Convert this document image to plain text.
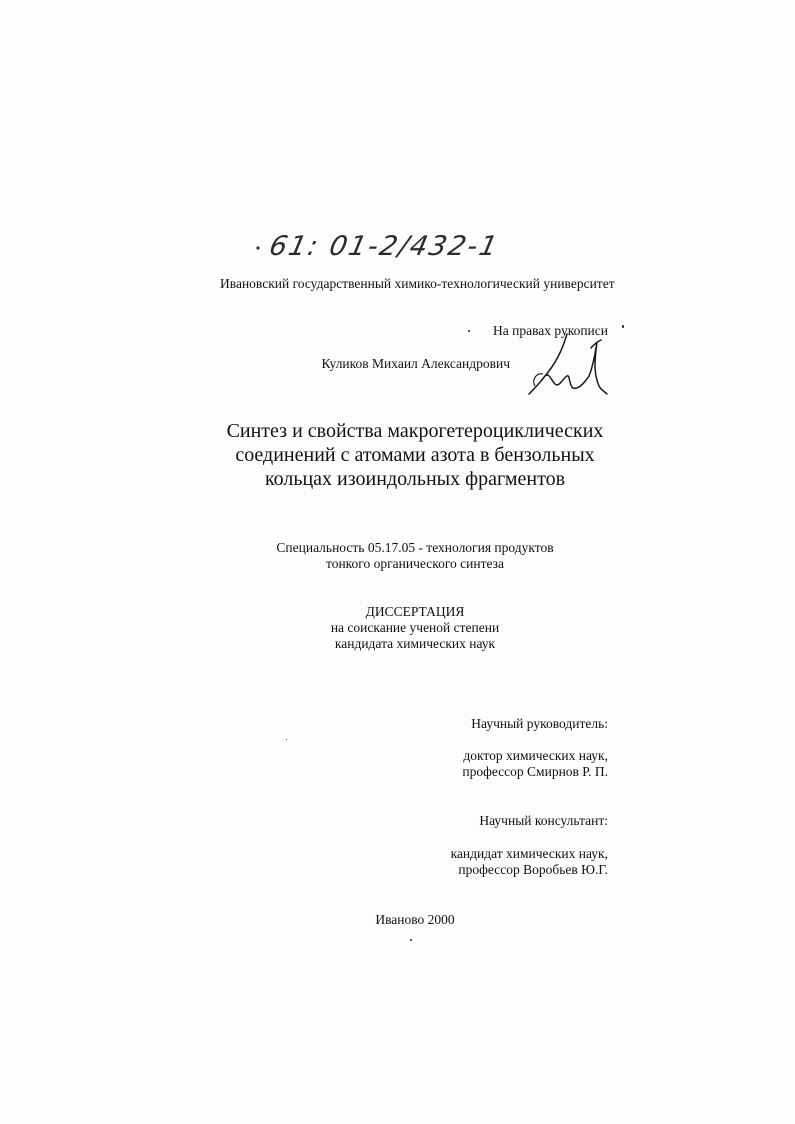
61: 01-2/432-1
Ивановский государственный химико-технологический университет
На правах рукописи
Куликов Михаил Александрович
Синтез и свойства макрогетероциклических
соединений с атомами азота в бензольных
кольцах изоиндольных фрагментов
Специальность 05.17.05 - технология продуктов
тонкого органического синтеза
ДИССЕРТАЦИЯ
на соискание ученой степени
кандидата химических наук
Научный руководитель:
доктор химических наук,
профессор Смирнов Р. П.
Научный консультант:
кандидат химических наук,
профессор Воробьев Ю.Г.
Иваново 2000
